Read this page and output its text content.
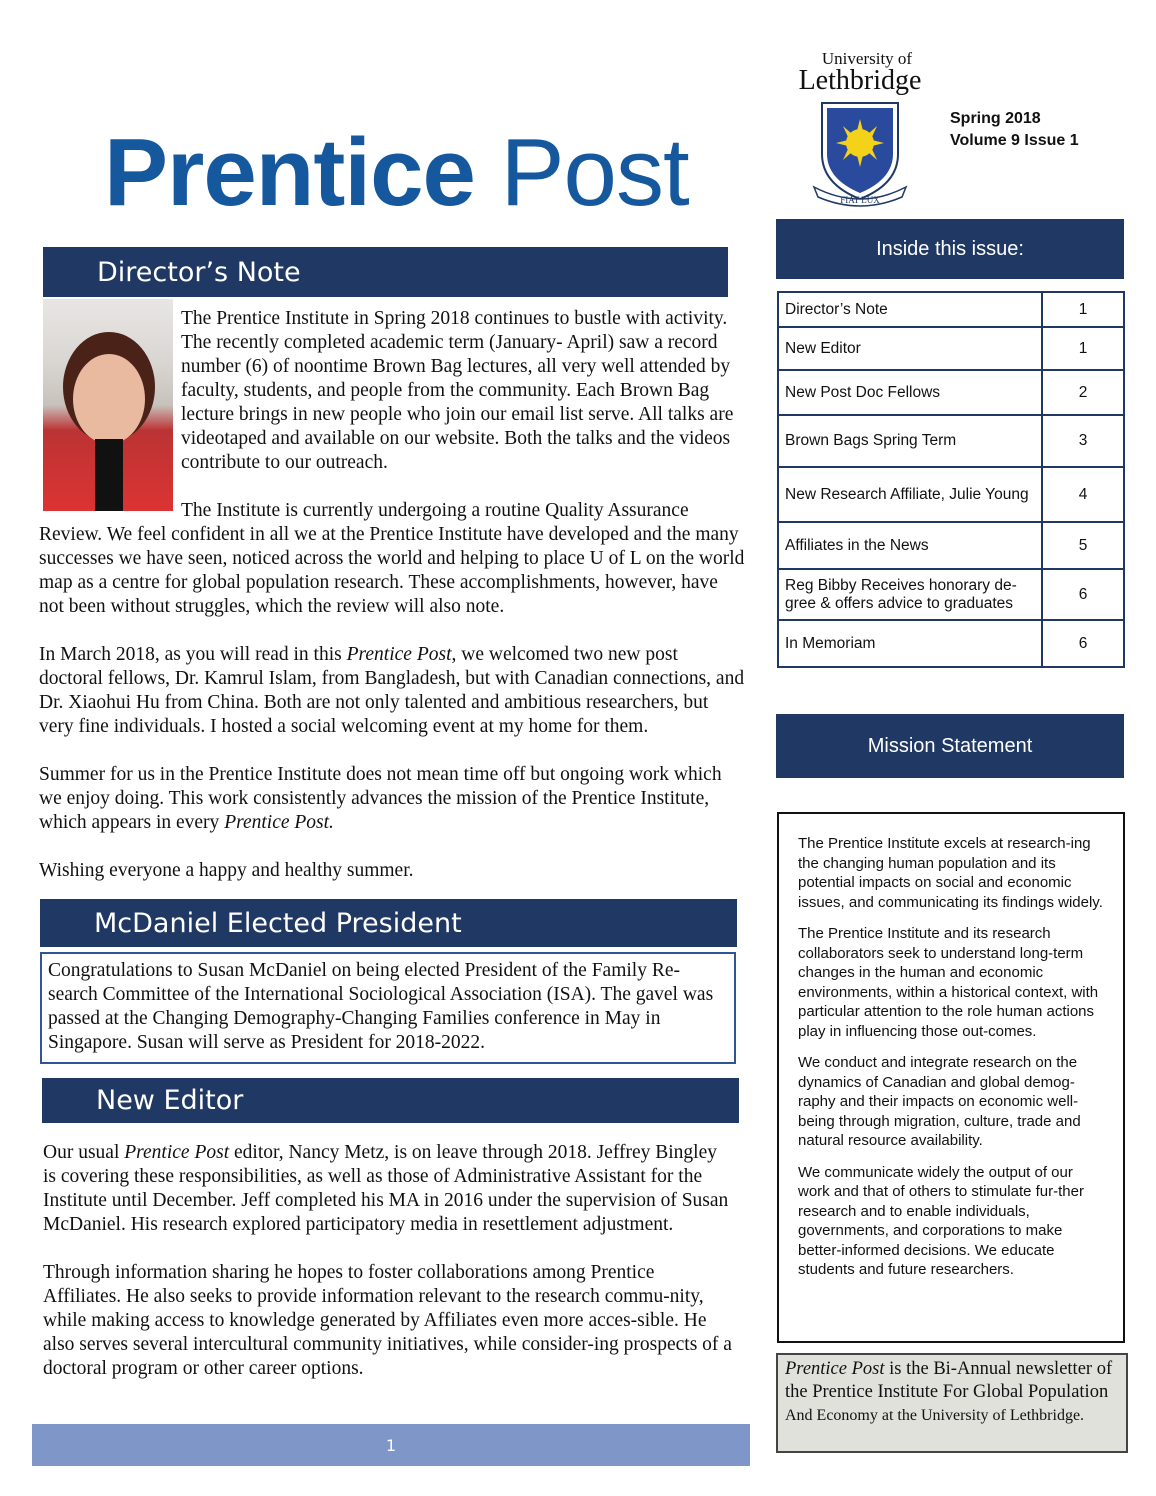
Prentice Post
University of
Lethbridge
FIAT LUX
Spring 2018
Volume 9 Issue 1
Director’s Note

The Prentice Institute in Spring 2018 continues to bustle with activity. The recently completed academic term (January- April) saw a record number (6) of noontime Brown Bag lectures, all very well attended by faculty, students, and people from the community. Each Brown Bag lecture brings in new people who join our email list serve. All talks are videotaped and available on our website. Both the talks and the videos contribute to our outreach.

The Institute is currently undergoing a routine Quality Assurance Review. We feel confident in all we at the Prentice Institute have developed and the many successes we have seen, noticed across the world and helping to place U of L on the world map as a centre for global population research. These accomplishments, however, have not been without struggles, which the review will also note.

In March 2018, as you will read in this Prentice Post, we welcomed two new post doctoral fellows, Dr. Kamrul Islam, from Bangladesh, but with Canadian connections, and Dr. Xiaohui Hu from China. Both are not only talented and ambitious researchers, but very fine individuals. I hosted a social welcoming event at my home for them.

Summer for us in the Prentice Institute does not mean time off but ongoing work which we enjoy doing. This work consistently advances the mission of the Prentice Institute, which appears in every Prentice Post.

Wishing everyone a happy and healthy summer.

McDaniel Elected President
Congratulations to Susan McDaniel on being elected President of the Family Re-search Committee of the International Sociological Association (ISA). The gavel was passed at the Changing Demography-Changing Families conference in May in Singapore. Susan will serve as President for 2018-2022.
New Editor

Our usual Prentice Post editor, Nancy Metz, is on leave through 2018. Jeffrey Bingley is covering these responsibilities, as well as those of Administrative Assistant for the Institute until December. Jeff completed his MA in 2016 under the supervision of Susan McDaniel. His research explored participatory media in resettlement adjustment.

Through information sharing he hopes to foster collaborations among Prentice Affiliates. He also seeks to provide information relevant to the research commu-nity, while making access to knowledge generated by Affiliates even more acces-sible. He also serves several intercultural community initiatives, while consider-ing prospects of a doctoral program or other career options.

1
Inside this issue:
Director’s Note	1
New Editor	1
New Post Doc Fellows	2
Brown Bags Spring Term	3
New Research Affiliate, Julie Young	4
Affiliates in the News	5
Reg Bibby Receives honorary de-gree & offers advice to graduates	6
In Memoriam	6
Mission Statement

The Prentice Institute excels at research-ing the changing human population and its potential impacts on social and economic issues, and communicating its findings widely.

The Prentice Institute and its research collaborators seek to understand long-term changes in the human and economic environments, within a historical context, with particular attention to the role human actions play in influencing those out-comes.

We conduct and integrate research on the dynamics of Canadian and global demog-raphy and their impacts on economic well-being through migration, culture, trade and natural resource availability.

We communicate widely the output of our work and that of others to stimulate fur-ther research and to enable individuals, governments, and corporations to make better-informed decisions. We educate students and future researchers.

Prentice Post is the Bi-Annual newsletter of the Prentice Institute For Global Population
And Economy at the University of Lethbridge.
